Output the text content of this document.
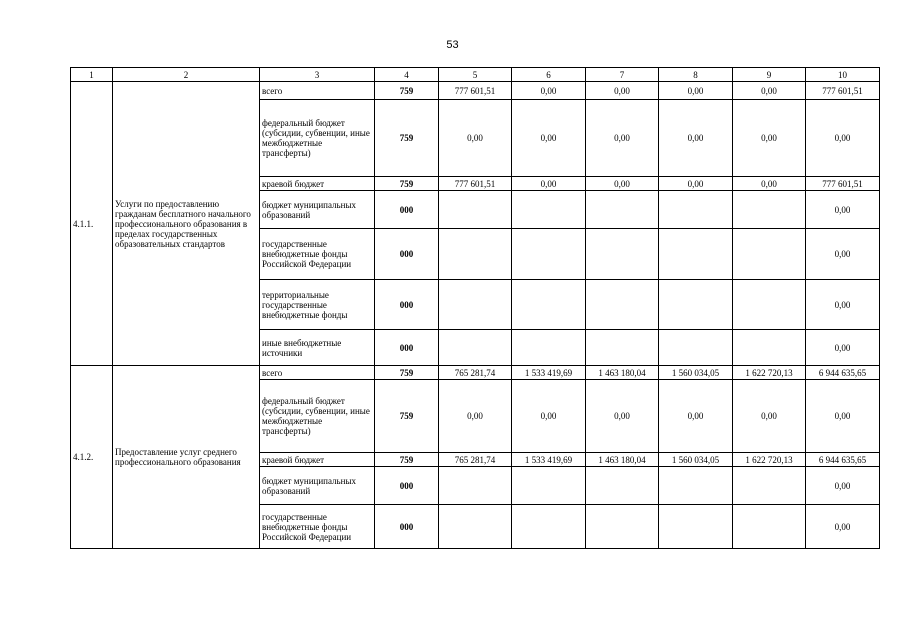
53
1	2	3	4	5	6	7	8	9	10
4.1.1.	Услуги по предоставлению гражданам бесплатного начального профессионального образования в пределах государственных образовательных стандартов	всего	759	777 601,51	0,00	0,00	0,00	0,00	777 601,51
		федеральный бюджет (субсидии, субвенции, иные межбюджетные трансферты)	759	0,00	0,00	0,00	0,00	0,00	0,00
		краевой бюджет	759	777 601,51	0,00	0,00	0,00	0,00	777 601,51
		бюджет муниципальных образований	000						0,00
		государственные внебюджетные фонды Российской Федерации	000						0,00
		территориальные государственные внебюджетные фонды	000						0,00
		иные внебюджетные источники	000						0,00
4.1.2.	Предоставление услуг среднего профессионального образования	всего	759	765 281,74	1 533 419,69	1 463 180,04	1 560 034,05	1 622 720,13	6 944 635,65
		федеральный бюджет (субсидии, субвенции, иные межбюджетные трансферты)	759	0,00	0,00	0,00	0,00	0,00	0,00
		краевой бюджет	759	765 281,74	1 533 419,69	1 463 180,04	1 560 034,05	1 622 720,13	6 944 635,65
		бюджет муниципальных образований	000						0,00
		государственные внебюджетные фонды Российской Федерации	000						0,00
